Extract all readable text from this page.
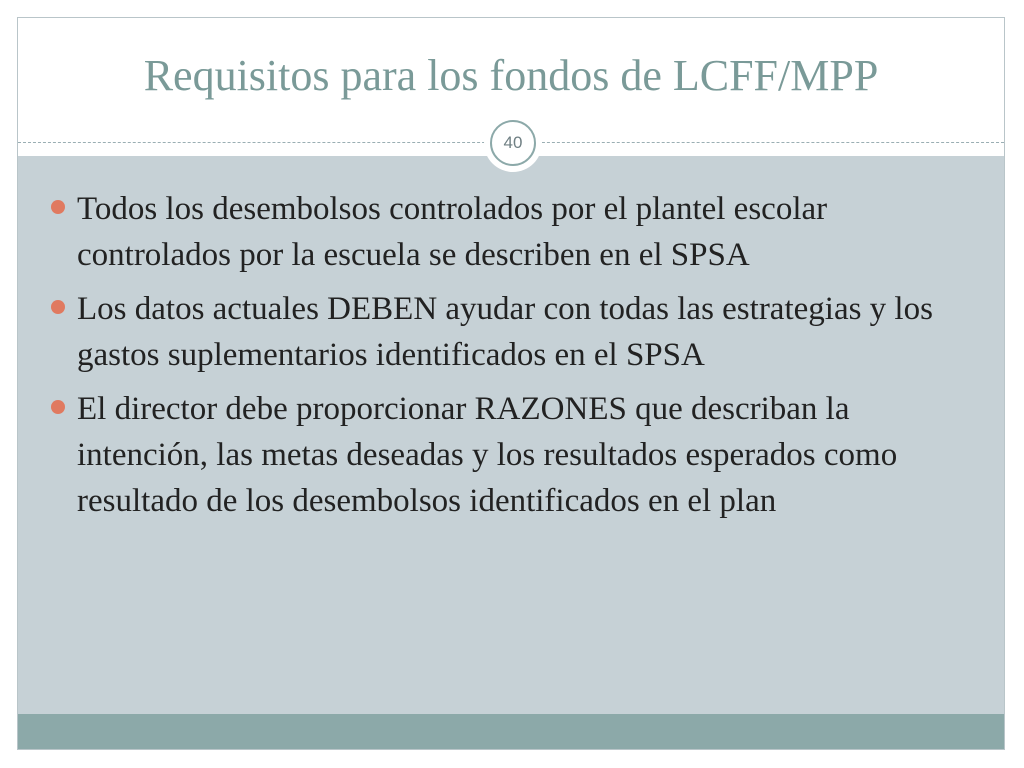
Requisitos para los fondos de LCFF/MPP
40
Todos los desembolsos controlados por el plantel escolar controlados por la escuela se describen en el SPSA
Los datos actuales DEBEN ayudar con todas las estrategias y los gastos suplementarios identificados en el SPSA
El director debe proporcionar RAZONES que describan la intención, las metas deseadas y los resultados esperados como resultado de los desembolsos identificados en el plan
